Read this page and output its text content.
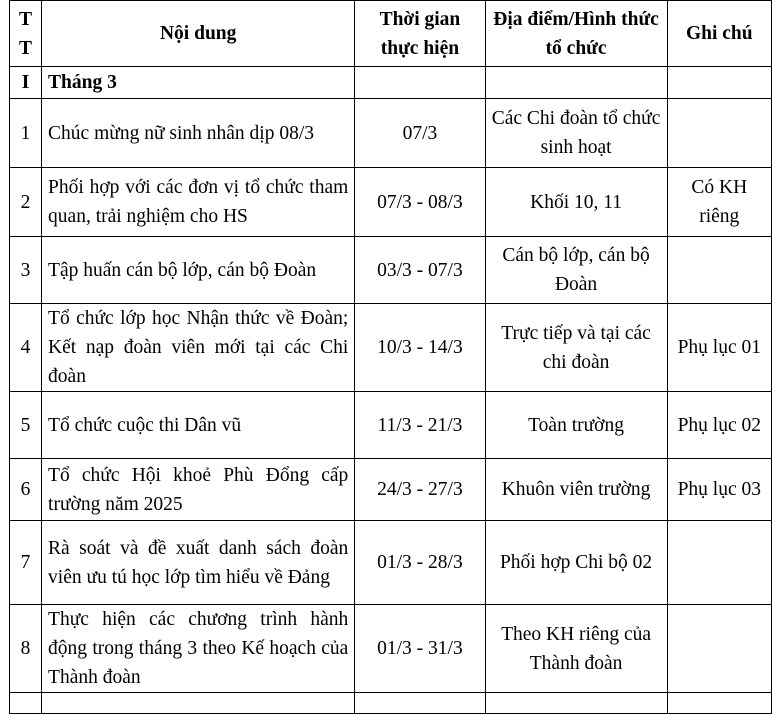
TT	Nội dung	Thời gian thực hiện	Địa điểm/Hình thức tổ chức	Ghi chú
I	Tháng 3			
1	Chúc mừng nữ sinh nhân dịp 08/3	07/3	Các Chi đoàn tổ chức sinh hoạt	
2	Phối hợp với các đơn vị tổ chức tham quan, trải nghiệm cho HS	07/3 - 08/3	Khối 10, 11	Có KH riêng
3	Tập huấn cán bộ lớp, cán bộ Đoàn	03/3 - 07/3	Cán bộ lớp, cán bộ Đoàn	
4	Tổ chức lớp học Nhận thức về Đoàn; Kết nạp đoàn viên mới tại các Chi đoàn	10/3 - 14/3	Trực tiếp và tại các chi đoàn	Phụ lục 01
5	Tổ chức cuộc thi Dân vũ	11/3 - 21/3	Toàn trường	Phụ lục 02
6	Tổ chức Hội khoẻ Phù Đổng cấp trường năm 2025	24/3 - 27/3	Khuôn viên trường	Phụ lục 03
7	Rà soát và đề xuất danh sách đoàn viên ưu tú học lớp tìm hiểu về Đảng	01/3 - 28/3	Phối hợp Chi bộ 02	
8	Thực hiện các chương trình hành động trong tháng 3 theo Kế hoạch của Thành đoàn	01/3 - 31/3	Theo KH riêng của Thành đoàn	
